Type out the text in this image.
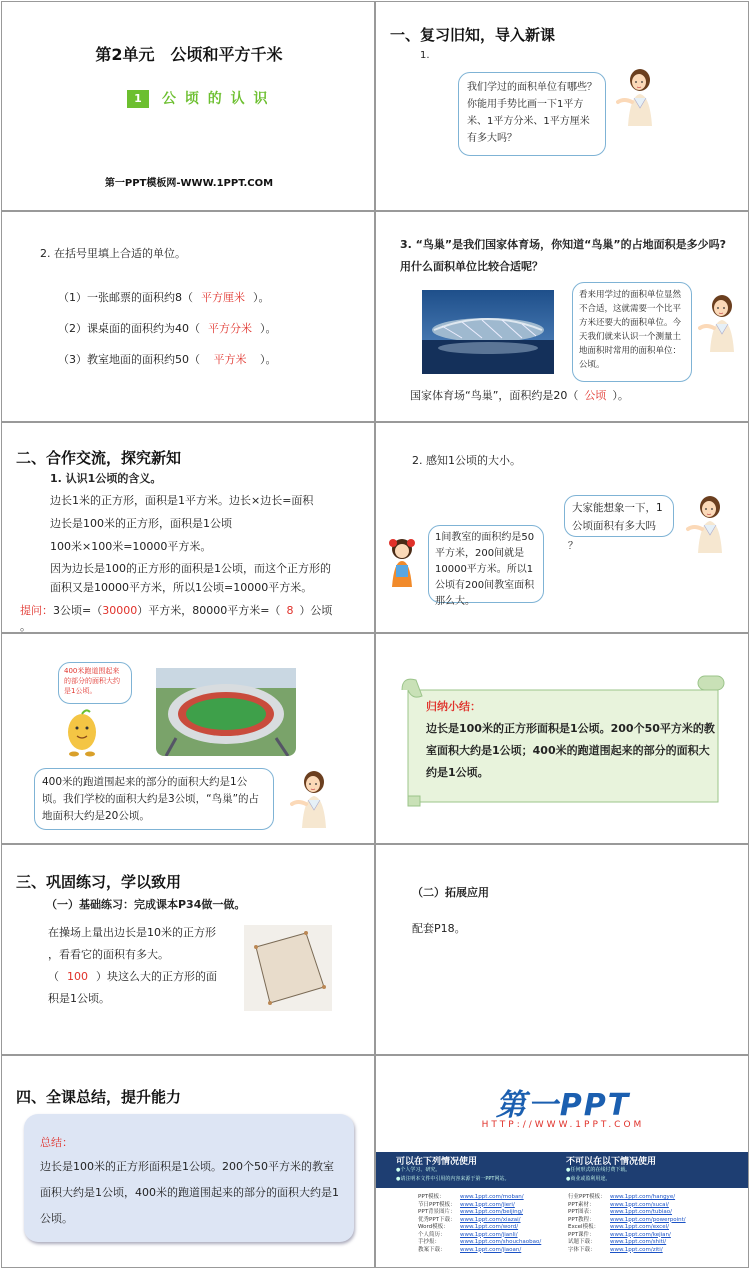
第2单元　公顷和平方千米
1	公 顷 的 认 识
第一PPT模板网-WWW.1PPT.COM
一、复习旧知，导入新课
1.
我们学过的面积单位有哪些？你能用手势比画一下1平方米、1平方分米、1平方厘米有多大吗？
2. 在括号里填上合适的单位。
（1）一张邮票的面积约8（ 平方厘米 ）。
（2）课桌面的面积约为40（ 平方分米 ）。
（3）教室地面的面积约50（ 平方米 ）。
3. “鸟巢”是我们国家体育场，你知道“鸟巢”的占地面积是多少吗?用什么面积单位比较合适呢？
看来用学过的面积单位显然不合适，这就需要一个比平方米还要大的面积单位。今天我们就来认识一个测量土地面积时常用的面积单位：公顷。
国家体育场“鸟巢”，面积约是20（ 公顷 ）。
二、合作交流，探究新知
1. 认识1公顷的含义。
边长1米的正方形，面积是1平方米。边长×边长=面积
边长是100米的正方形，面积是1公顷
100米×100米=10000平方米。
因为边长是100的正方形的面积是1公顷，而这个正方形的面积又是10000平方米，所以1公顷=10000平方米。
提问：3公顷=（30000）平方米，80000平方米=（ 8 ）公顷
。
2. 感知1公顷的大小。
大家能想象一下，1公顷面积有多大吗
？
1间教室的面积约是50平方米，200间就是10000平方米。所以1公顷有200间教室面积那么大。
400米跑道围起来的部分的面积大约是1公顷。
400米的跑道围起来的部分的面积大约是1公顷。我们学校的面积大约是3公顷，“鸟巢”的占地面积大约是20公顷。
归纳小结：
边长是100米的正方形面积是1公顷。200个50平方米的教室面积大约是1公顷；400米的跑道围起来的部分的面积大约是1公顷。
三、巩固练习，学以致用
（一）基础练习：完成课本P34做一做。
在操场上量出边长是10米的正方形
，看看它的面积有多大。
（ 100 ）块这么大的正方形的面
积是1公顷。
（二）拓展应用
配套P18。
四、全课总结，提升能力
总结：
边长是100米的正方形面积是1公顷。200个50平方米的教室面积大约是1公顷，400米的跑道围起来的部分的面积大约是1公顷。
第一PPT
HTTP://WWW.1PPT.COM
可以在下列情况使用
●个人学习、研究。
●请注明本文件中引用的内容来源于第一PPT网站。
不可以在以下情况使用
●任何形式的在线付费下载。
●商业或盈利用途。
PPT模板：	www.1ppt.com/moban/
节日PPT模板： www.1ppt.com/jieri/
PPT背景图片： www.1ppt.com/beijing/
优秀PPT下载： www.1ppt.com/xiazai/
Word模板： www.1ppt.com/word/
个人简历：	www.1ppt.com/jianli/
手抄报：	www.1ppt.com/shouchaobao/
教案下载：	www.1ppt.com/jiaoan/
行业PPT模板： www.1ppt.com/hangye/
PPT素材：	www.1ppt.com/sucai/
PPT图表：	www.1ppt.com/tubiao/
PPT教程：	www.1ppt.com/powerpoint/
Excel模板： www.1ppt.com/excel/
PPT课件：	www.1ppt.com/kejian/
试题下载：	www.1ppt.com/shiti/
字体下载：	www.1ppt.com/ziti/
